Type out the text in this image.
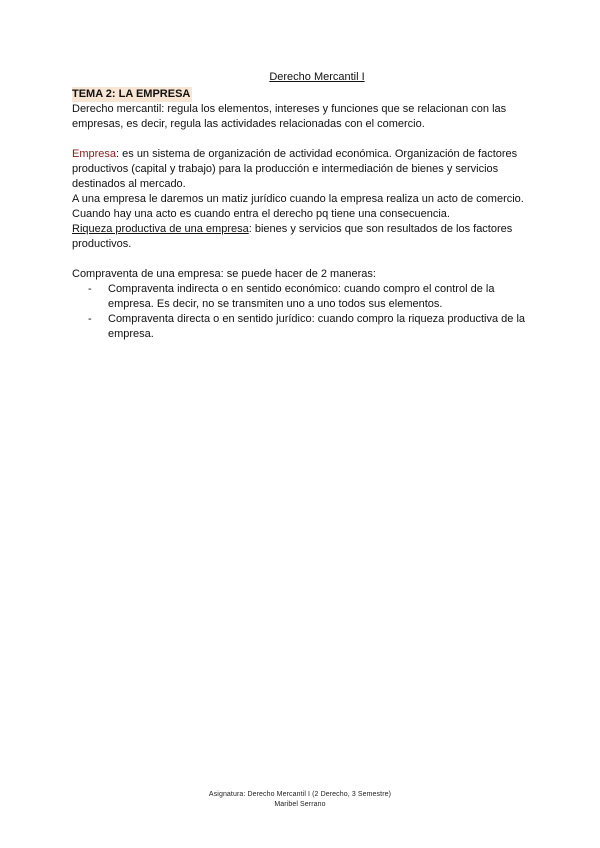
Derecho Mercantil I
TEMA 2: LA EMPRESA

Derecho mercantil: regula los elementos, intereses y funciones que se relacionan con las empresas, es decir, regula las actividades relacionadas con el comercio.

Empresa: es un sistema de organización de actividad económica. Organización de factores productivos (capital y trabajo) para la producción e intermediación de bienes y servicios destinados al mercado.

A una empresa le daremos un matiz jurídico cuando la empresa realiza un acto de comercio. Cuando hay una acto es cuando entra el derecho pq tiene una consecuencia.

Riqueza productiva de una empresa: bienes y servicios que son resultados de los factores productivos.

Compraventa de una empresa: se puede hacer de 2 maneras:

- Compraventa indirecta o en sentido económico: cuando compro el control de la empresa. Es decir, no se transmiten uno a uno todos sus elementos.
- Compraventa directa o en sentido jurídico: cuando compro la riqueza productiva de la empresa.
Asignatura: Derecho Mercantil I (2 Derecho, 3 Semestre)
Maribel Serrano
